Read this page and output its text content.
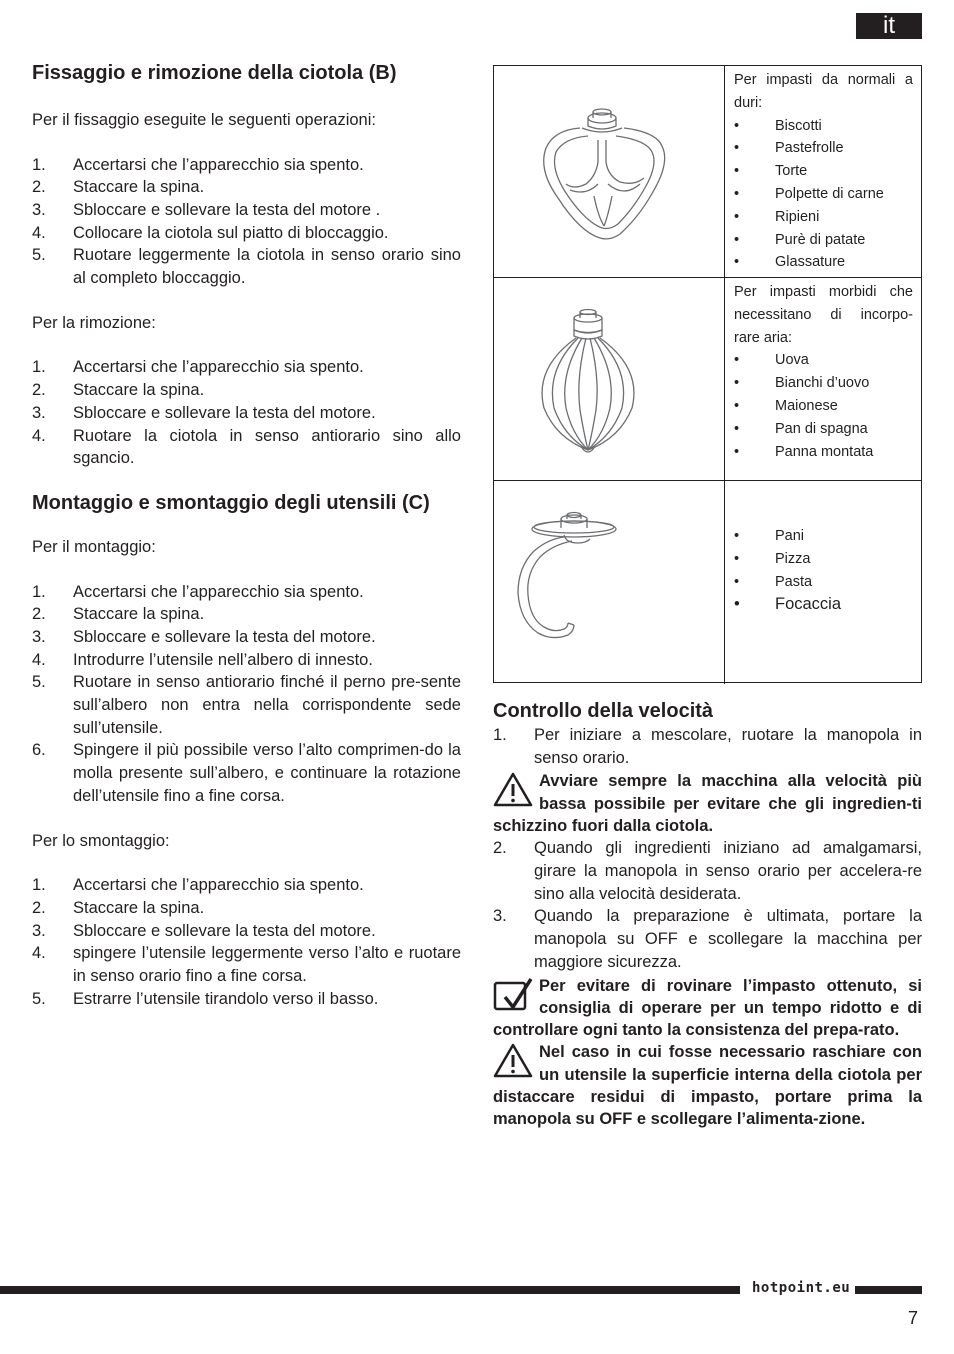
it
Fissaggio e rimozione della ciotola (B)

Per il fissaggio eseguite le seguenti operazioni:

1. Accertarsi che l’apparecchio sia spento.
2. Staccare la spina.
3. Sbloccare e sollevare la testa del motore .
4. Collocare la ciotola sul piatto di bloccaggio.
5. Ruotare leggermente la ciotola in senso orario sino al completo bloccaggio.

Per la rimozione:

1. Accertarsi che l’apparecchio sia spento.
2. Staccare la spina.
3. Sbloccare e sollevare la testa del motore.
4. Ruotare la ciotola in senso antiorario sino allo sgancio.
Montaggio e smontaggio degli utensili (C)

Per il montaggio:

1. Accertarsi che l’apparecchio sia spento.
2. Staccare la spina.
3. Sbloccare e sollevare la testa del motore.
4. Introdurre l’utensile nell’albero di innesto.
5. Ruotare in senso antiorario finché il perno pre-sente sull’albero non entra nella corrispondente sede sull’utensile.
6. Spingere il più possibile verso l’alto comprimen-do la molla presente sull’albero, e continuare la rotazione dell’utensile fino a fine corsa.

Per lo smontaggio:

1. Accertarsi che l’apparecchio sia spento.
2. Staccare la spina.
3. Sbloccare e sollevare la testa del motore.
4. spingere l’utensile leggermente verso l’alto e ruotare in senso orario fino a fine corsa.
5. Estrarre l’utensile tirandolo verso il basso.
Per impasti da normali a
duri:
• Biscotti
• Pastefrolle
• Torte
• Polpette di carne
• Ripieni
• Purè di patate
• Glassature
Per impasti morbidi che
necessitano di incorpo-
rare aria:
• Uova
• Bianchi d’uovo
• Maionese
• Pan di spagna
• Panna montata
• Pani
• Pizza
• Pasta
• Focaccia
Controllo della velocità
1. Per iniziare a mescolare, ruotare la manopola in senso orario.

Avviare sempre la macchina alla velocità più bassa possibile per evitare che gli ingredien-ti schizzino fuori dalla ciotola.

2. Quando gli ingredienti iniziano ad amalgamarsi, girare la manopola in senso orario per accelera-re sino alla velocità desiderata.
3. Quando la preparazione è ultimata, portare la manopola su OFF e scollegare la macchina per maggiore sicurezza.

Per evitare di rovinare l’impasto ottenuto, si consiglia di operare per un tempo ridotto e di controllare ogni tanto la consistenza del prepa-rato.

Nel caso in cui fosse necessario raschiare con un utensile la superficie interna della ciotola per distaccare residui di impasto, portare prima la manopola su OFF e scollegare l’alimenta-zione.

hotpoint.eu
7
